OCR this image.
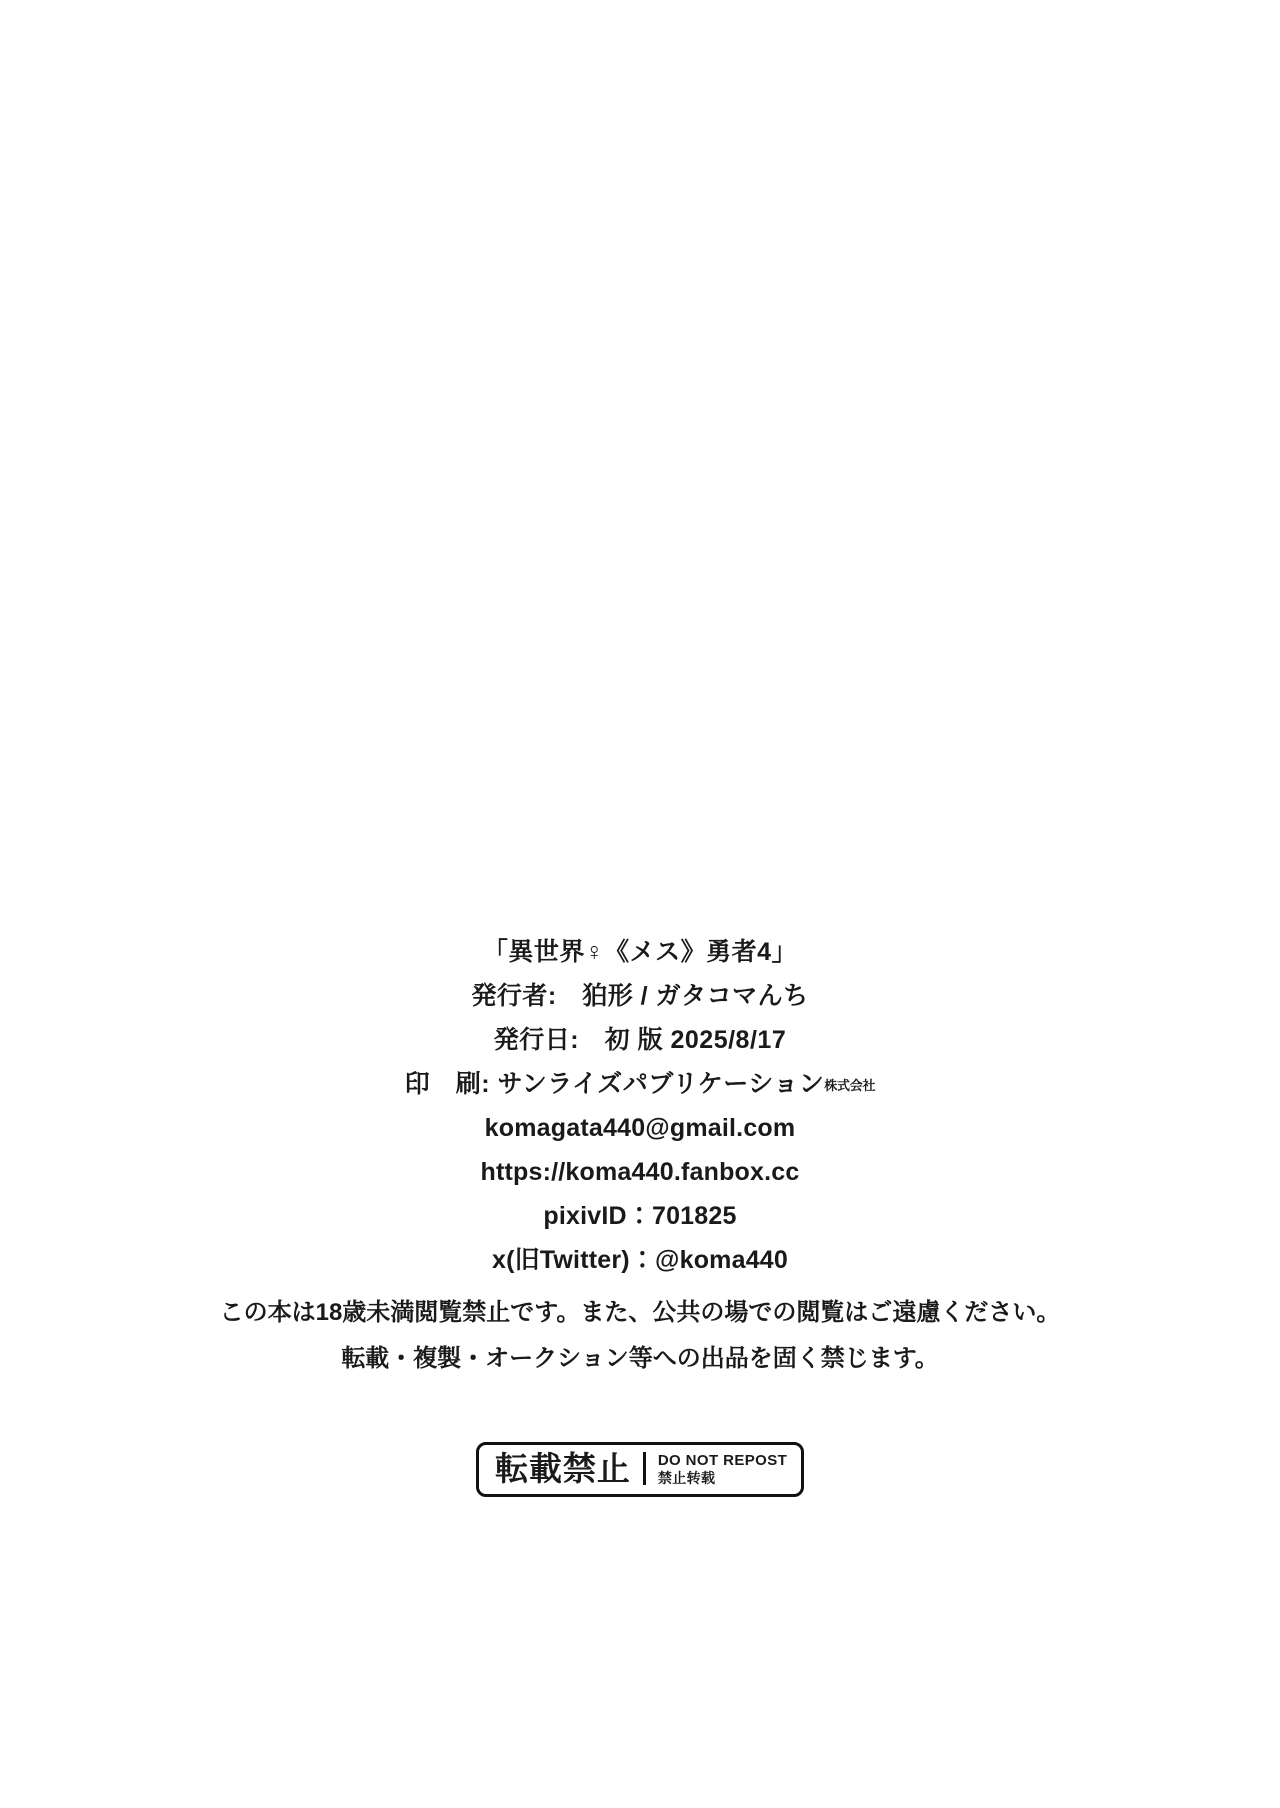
「異世界♀《メス》勇者4」
発行者:　狛形 / ガタコマんち
発行日:　初 版 2025/8/17
印　刷: サンライズパブリケーション株式会社
komagata440@gmail.com
https://koma440.fanbox.cc
pixivID：701825
x(旧Twitter)：@koma440
この本は18歳未満閲覧禁止です。また、公共の場での閲覧はご遠慮ください。
転載・複製・オークション等への出品を固く禁じます。
転載禁止 DO NOT REPOST
禁止转载
